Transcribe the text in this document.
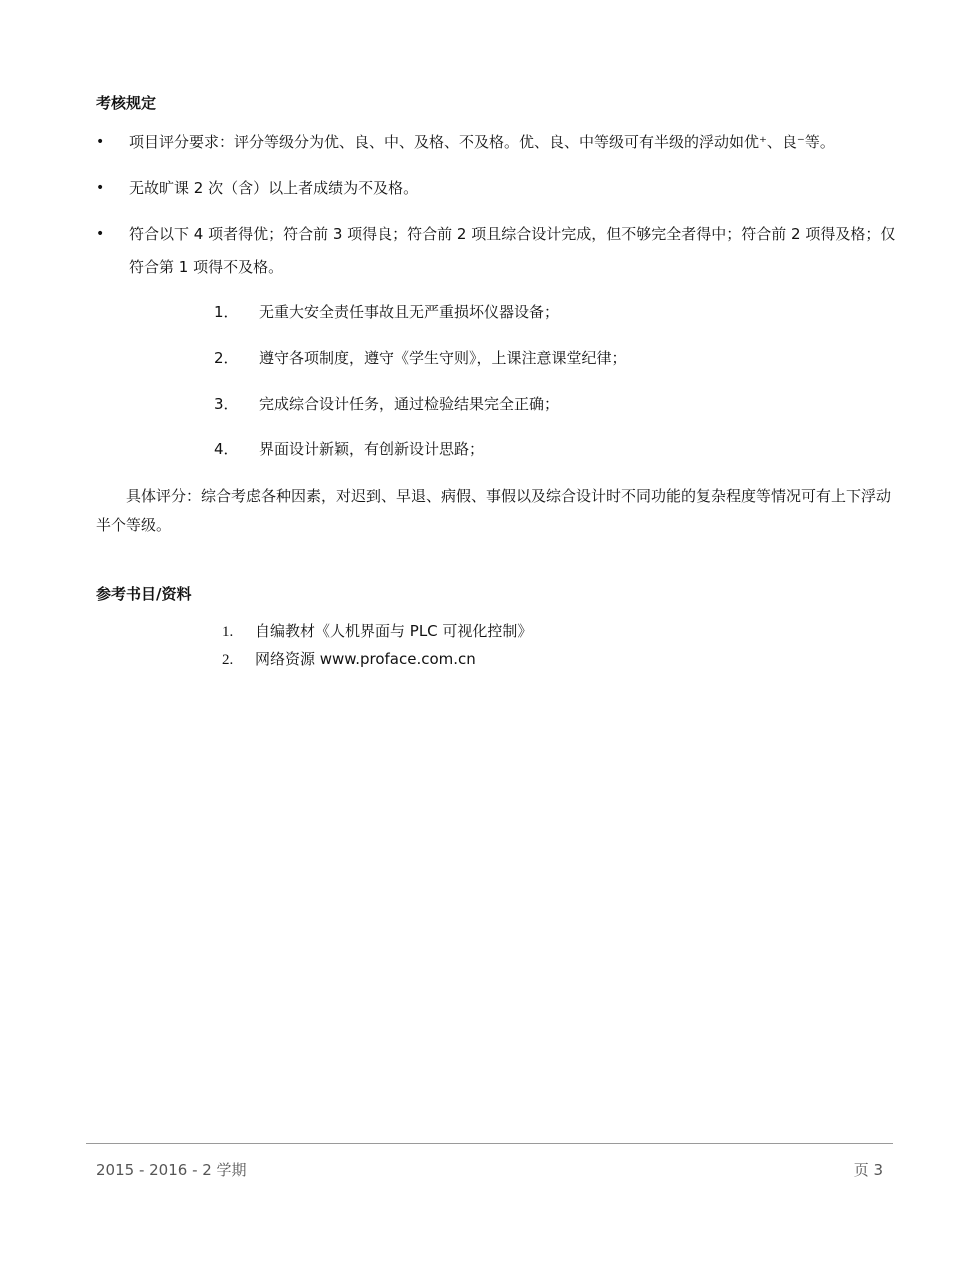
考核规定
•	项目评分要求：评分等级分为优、良、中、及格、不及格。优、良、中等级可有半级的浮动如优⁺、良⁻等。
•	无故旷课 2 次（含）以上者成绩为不及格。
•	符合以下 4 项者得优；符合前 3 项得良；符合前 2 项且综合设计完成，但不够完全者得中；符合前 2 项得及格；仅符合第 1 项得不及格。
1． 无重大安全责任事故且无严重损坏仪器设备；
2． 遵守各项制度，遵守《学生守则》，上课注意课堂纪律；
3． 完成综合设计任务，通过检验结果完全正确；
4． 界面设计新颖，有创新设计思路；
具体评分：综合考虑各种因素，对迟到、早退、病假、事假以及综合设计时不同功能的复杂程度等情况可有上下浮动半个等级。
参考书目/资料
1. 自编教材《人机界面与 PLC 可视化控制》
2. 网络资源 www.proface.com.cn
2015 - 2016 - 2 学期	页 3
